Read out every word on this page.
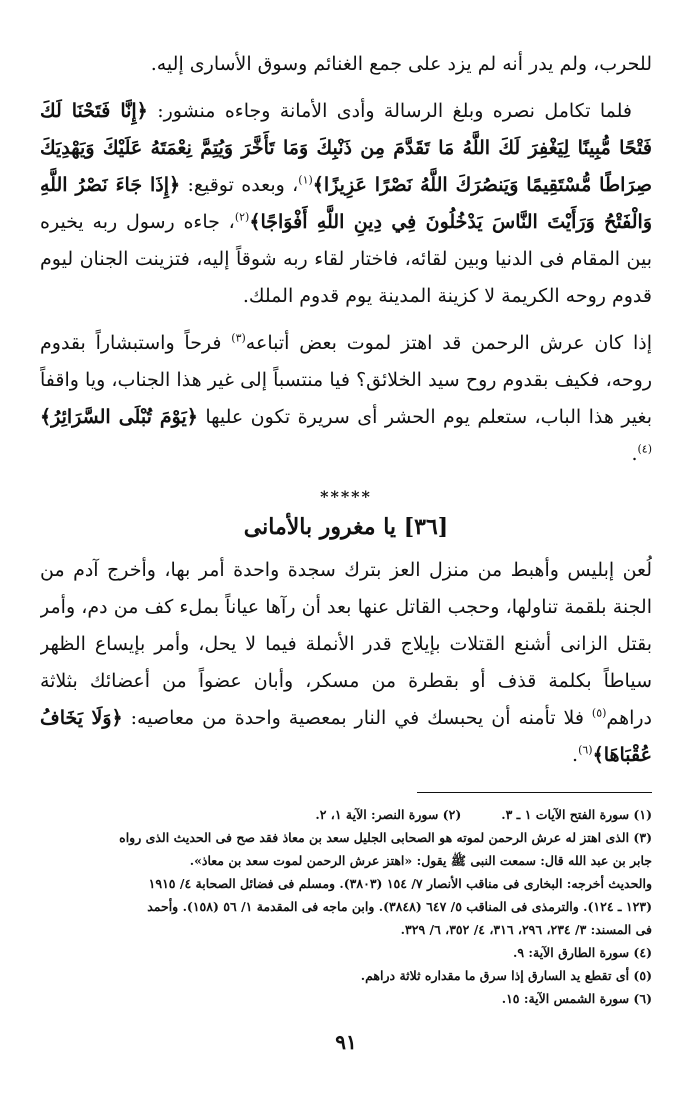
للحرب، ولم يدر أنه لم يزد على جمع الغنائم وسوق الأسارى إليه.

فلما تكامل نصره وبلغ الرسالة وأدى الأمانة وجاءه منشور: ﴿إِنَّا فَتَحْنَا لَكَ فَتْحًا مُّبِينًا لِيَغْفِرَ لَكَ اللَّهُ مَا تَقَدَّمَ مِن ذَنْبِكَ وَمَا تَأَخَّرَ وَيُتِمَّ نِعْمَتَهُ عَلَيْكَ وَيَهْدِيَكَ صِرَاطًا مُّسْتَقِيمًا وَيَنصُرَكَ اللَّهُ نَصْرًا عَزِيزًا﴾$^{(١)}$، وبعده توقيع: ﴿إِذَا جَاءَ نَصْرُ اللَّهِ وَالْفَتْحُ وَرَأَيْتَ النَّاسَ يَدْخُلُونَ فِي دِينِ اللَّهِ أَفْوَاجًا﴾$^{(٢)}$، جاءه رسول ربه يخيره بين المقام فى الدنيا وبين لقائه، فاختار لقاء ربه شوقاً إليه، فتزينت الجنان ليوم قدوم روحه الكريمة لا كزينة المدينة يوم قدوم الملك.

إذا كان عرش الرحمن قد اهتز لموت بعض أتباعه$^{(٣)}$ فرحاً واستبشاراً بقدوم روحه، فكيف بقدوم روح سيد الخلائق؟ فيا منتسباً إلى غير هذا الجناب، ويا واقفاً بغير هذا الباب، ستعلم يوم الحشر أى سريرة تكون عليها ﴿يَوْمَ تُبْلَى السَّرَائِرُ﴾$^{(٤)}$.

*****
[٣٦] يا مغرور بالأمانى

لُعن إبليس وأهبط من منزل العز بترك سجدة واحدة أمر بها، وأخرج آدم من الجنة بلقمة تناولها، وحجب القاتل عنها بعد أن رآها عياناً بملء كف من دم، وأمر بقتل الزانى أشنع القتلات بإيلاج قدر الأنملة فيما لا يحل، وأمر بإيساع الظهر سياطاً بكلمة قذف أو بقطرة من مسكر، وأبان عضواً من أعضائك بثلاثة دراهم$^{(٥)}$ فلا تأمنه أن يحبسك في النار بمعصية واحدة من معاصيه: ﴿وَلَا يَخَافُ عُقْبَاهَا﴾$^{(٦)}$.

(١) سورة الفتح الآيات ١ ـ ٣.
(٢) سورة النصر: الآية ١، ٢.
(٣) الذى اهتز له عرش الرحمن لموته هو الصحابى الجليل سعد بن معاذ فقد صح فى الحديث الذى رواه
جابر بن عبد الله قال: سمعت النبى ﷺ يقول: «اهتز عرش الرحمن لموت سعد بن معاذ».
والحديث أخرجه: البخارى فى مناقب الأنصار ٧/ ١٥٤ (٣٨٠٣). ومسلم فى فضائل الصحابة ٤/ ١٩١٥
(١٢٣ ـ ١٢٤). والترمذى فى المناقب ٥/ ٦٤٧ (٣٨٤٨). وابن ماجه فى المقدمة ١/ ٥٦ (١٥٨). وأحمد
فى المسند: ٣/ ٢٣٤، ٢٩٦، ٣١٦، ٤/ ٣٥٢، ٦/ ٣٢٩.
(٤) سورة الطارق الآية: ٩.
(٥) أى تقطع يد السارق إذا سرق ما مقداره ثلاثة دراهم.
(٦) سورة الشمس الآية: ١٥.
٩١
